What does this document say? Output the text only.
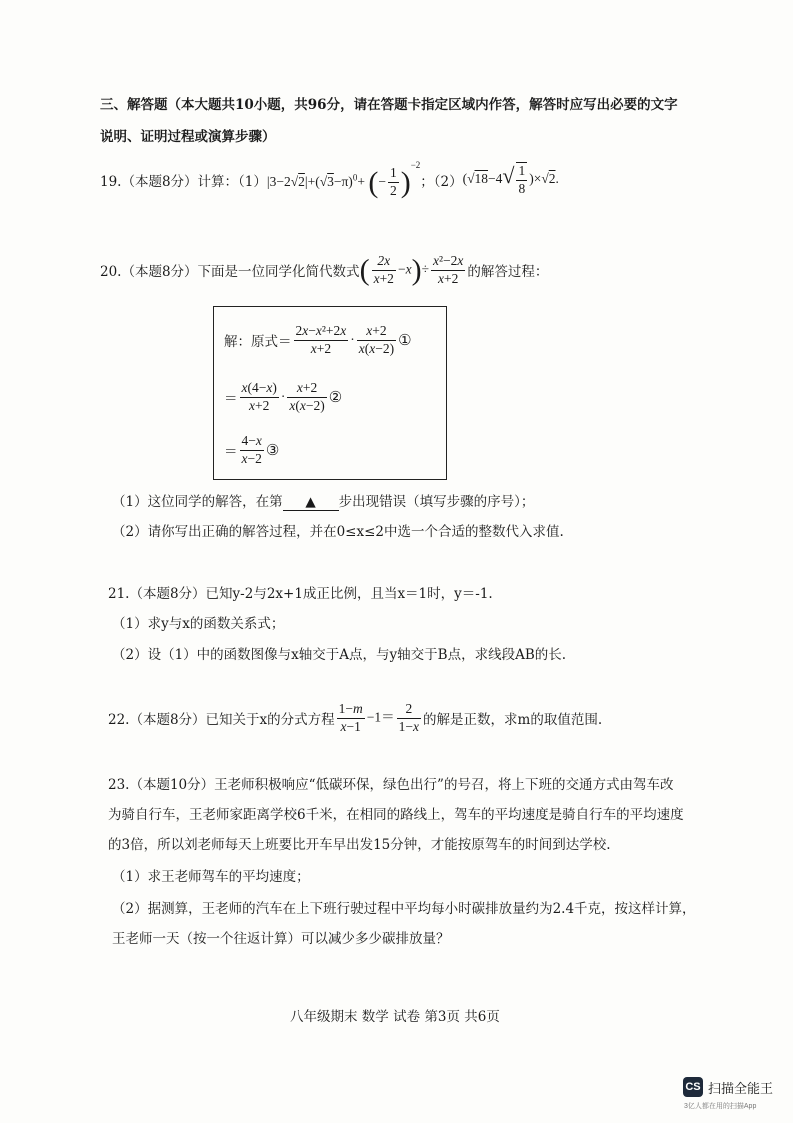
三、解答题（本大题共10小题，共96分，请在答题卡指定区域内作答，解答时应写出必要的文字
说明、证明过程或演算步骤）
19.（本题8分）计算：（1） $|3-2√2|+(√3-\pi)^0+$ (− $\frac{1}{2} )^{-2}$
；（2） $(√18-4√ \frac{1}{8} )\times√2$.
20.（本题8分）下面是一位同学化简代数式 ( $\frac{2x}{x+2} -x)\div \frac{\text{x²−2x}}{x+2}$ 的解答过程：
解：原式＝ $\frac{\text{2x−x²+2x}}{x+2} \cdot \frac{x+2}{x(x-2)}$ ①
＝ $\frac{x(4-x)}{x+2} \cdot \frac{x+2}{x(x-2)}$ ②
＝ $\frac{4-x}{x-2}$ ③
（1）这位同学的解答，在第 ▲ 步出现错误（填写步骤的序号）；
（2）请你写出正确的解答过程，并在0≤x≤2中选一个合适的整数代入求值.
21.（本题8分）已知y-2与2x+1成正比例，且当x＝1时，y＝-1.
（1）求y与x的函数关系式；
（2）设（1）中的函数图像与x轴交于A点，与y轴交于B点，求线段AB的长.
22.（本题8分）已知关于x的分式方程 $\frac{1-m}{x-1} -1= \frac{2}{1-x}$ 的解是正数，求m的取值范围.
23.（本题10分）王老师积极响应“低碳环保，绿色出行”的号召，将上下班的交通方式由驾车改
为骑自行车，王老师家距离学校6千米，在相同的路线上，驾车的平均速度是骑自行车的平均速度
的3倍，所以刘老师每天上班要比开车早出发15分钟，才能按原驾车的时间到达学校.
（1）求王老师驾车的平均速度；
（2）据测算，王老师的汽车在上下班行驶过程中平均每小时碳排放量约为2.4千克，按这样计算，
王老师一天（按一个往返计算）可以减少多少碳排放量？
八年级期末 数学 试卷 第3页 共6页
CS 扫描全能王
3亿人都在用的扫描App
